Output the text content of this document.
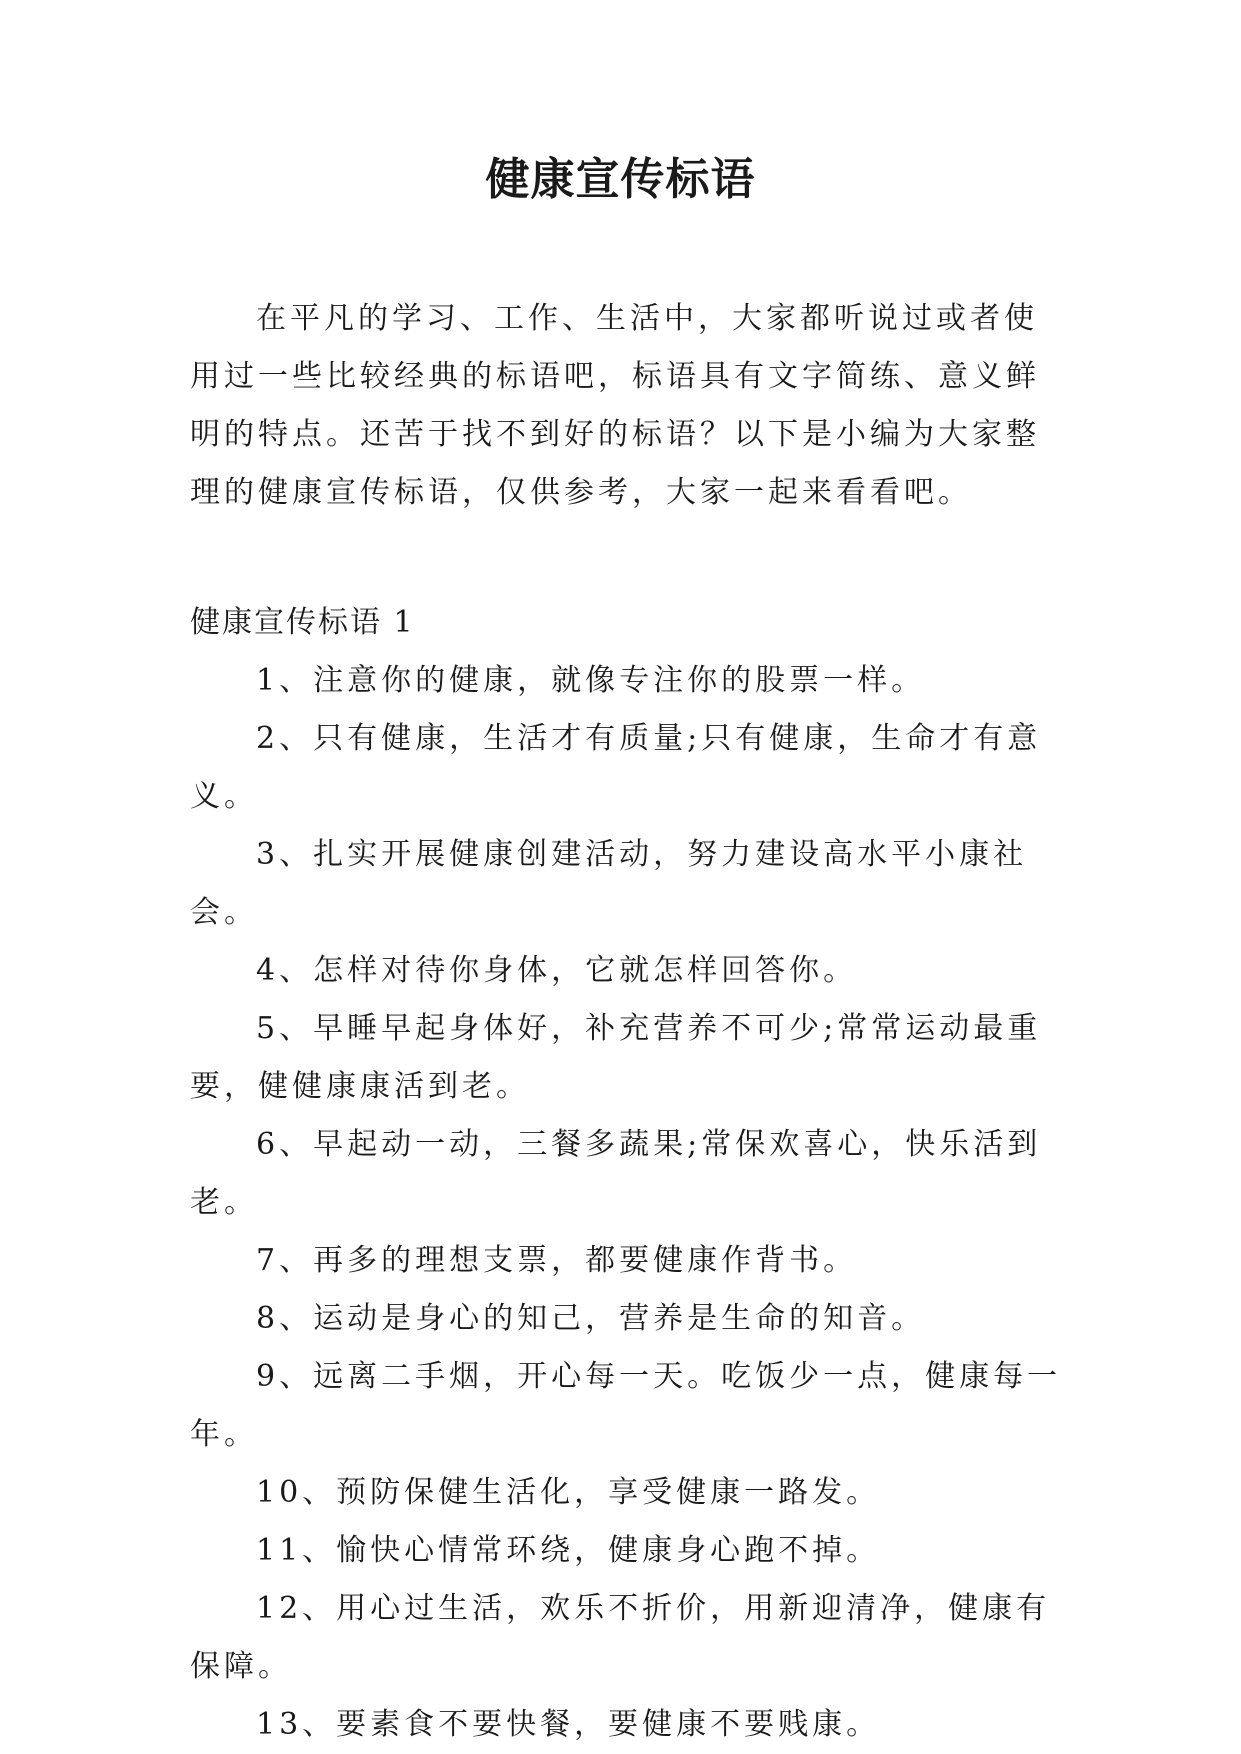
健康宣传标语

在平凡的学习、工作、生活中，大家都听说过或者使用过一些比较经典的标语吧，标语具有文字简练、意义鲜明的特点。还苦于找不到好的标语？以下是小编为大家整理的健康宣传标语，仅供参考，大家一起来看看吧。

健康宣传标语 1

1、注意你的健康，就像专注你的股票一样。
2、只有健康，生活才有质量;只有健康，生命才有意义。
3、扎实开展健康创建活动，努力建设高水平小康社会。
4、怎样对待你身体，它就怎样回答你。
5、早睡早起身体好，补充营养不可少;常常运动最重要，健健康康活到老。
6、早起动一动，三餐多蔬果;常保欢喜心，快乐活到老。
7、再多的理想支票，都要健康作背书。
8、运动是身心的知己，营养是生命的知音。
9、远离二手烟，开心每一天。吃饭少一点，健康每一年。
10、预防保健生活化，享受健康一路发。
11、愉快心情常环绕，健康身心跑不掉。
12、用心过生活，欢乐不折价，用新迎清净，健康有保障。
13、要素食不要快餐，要健康不要贱康。
